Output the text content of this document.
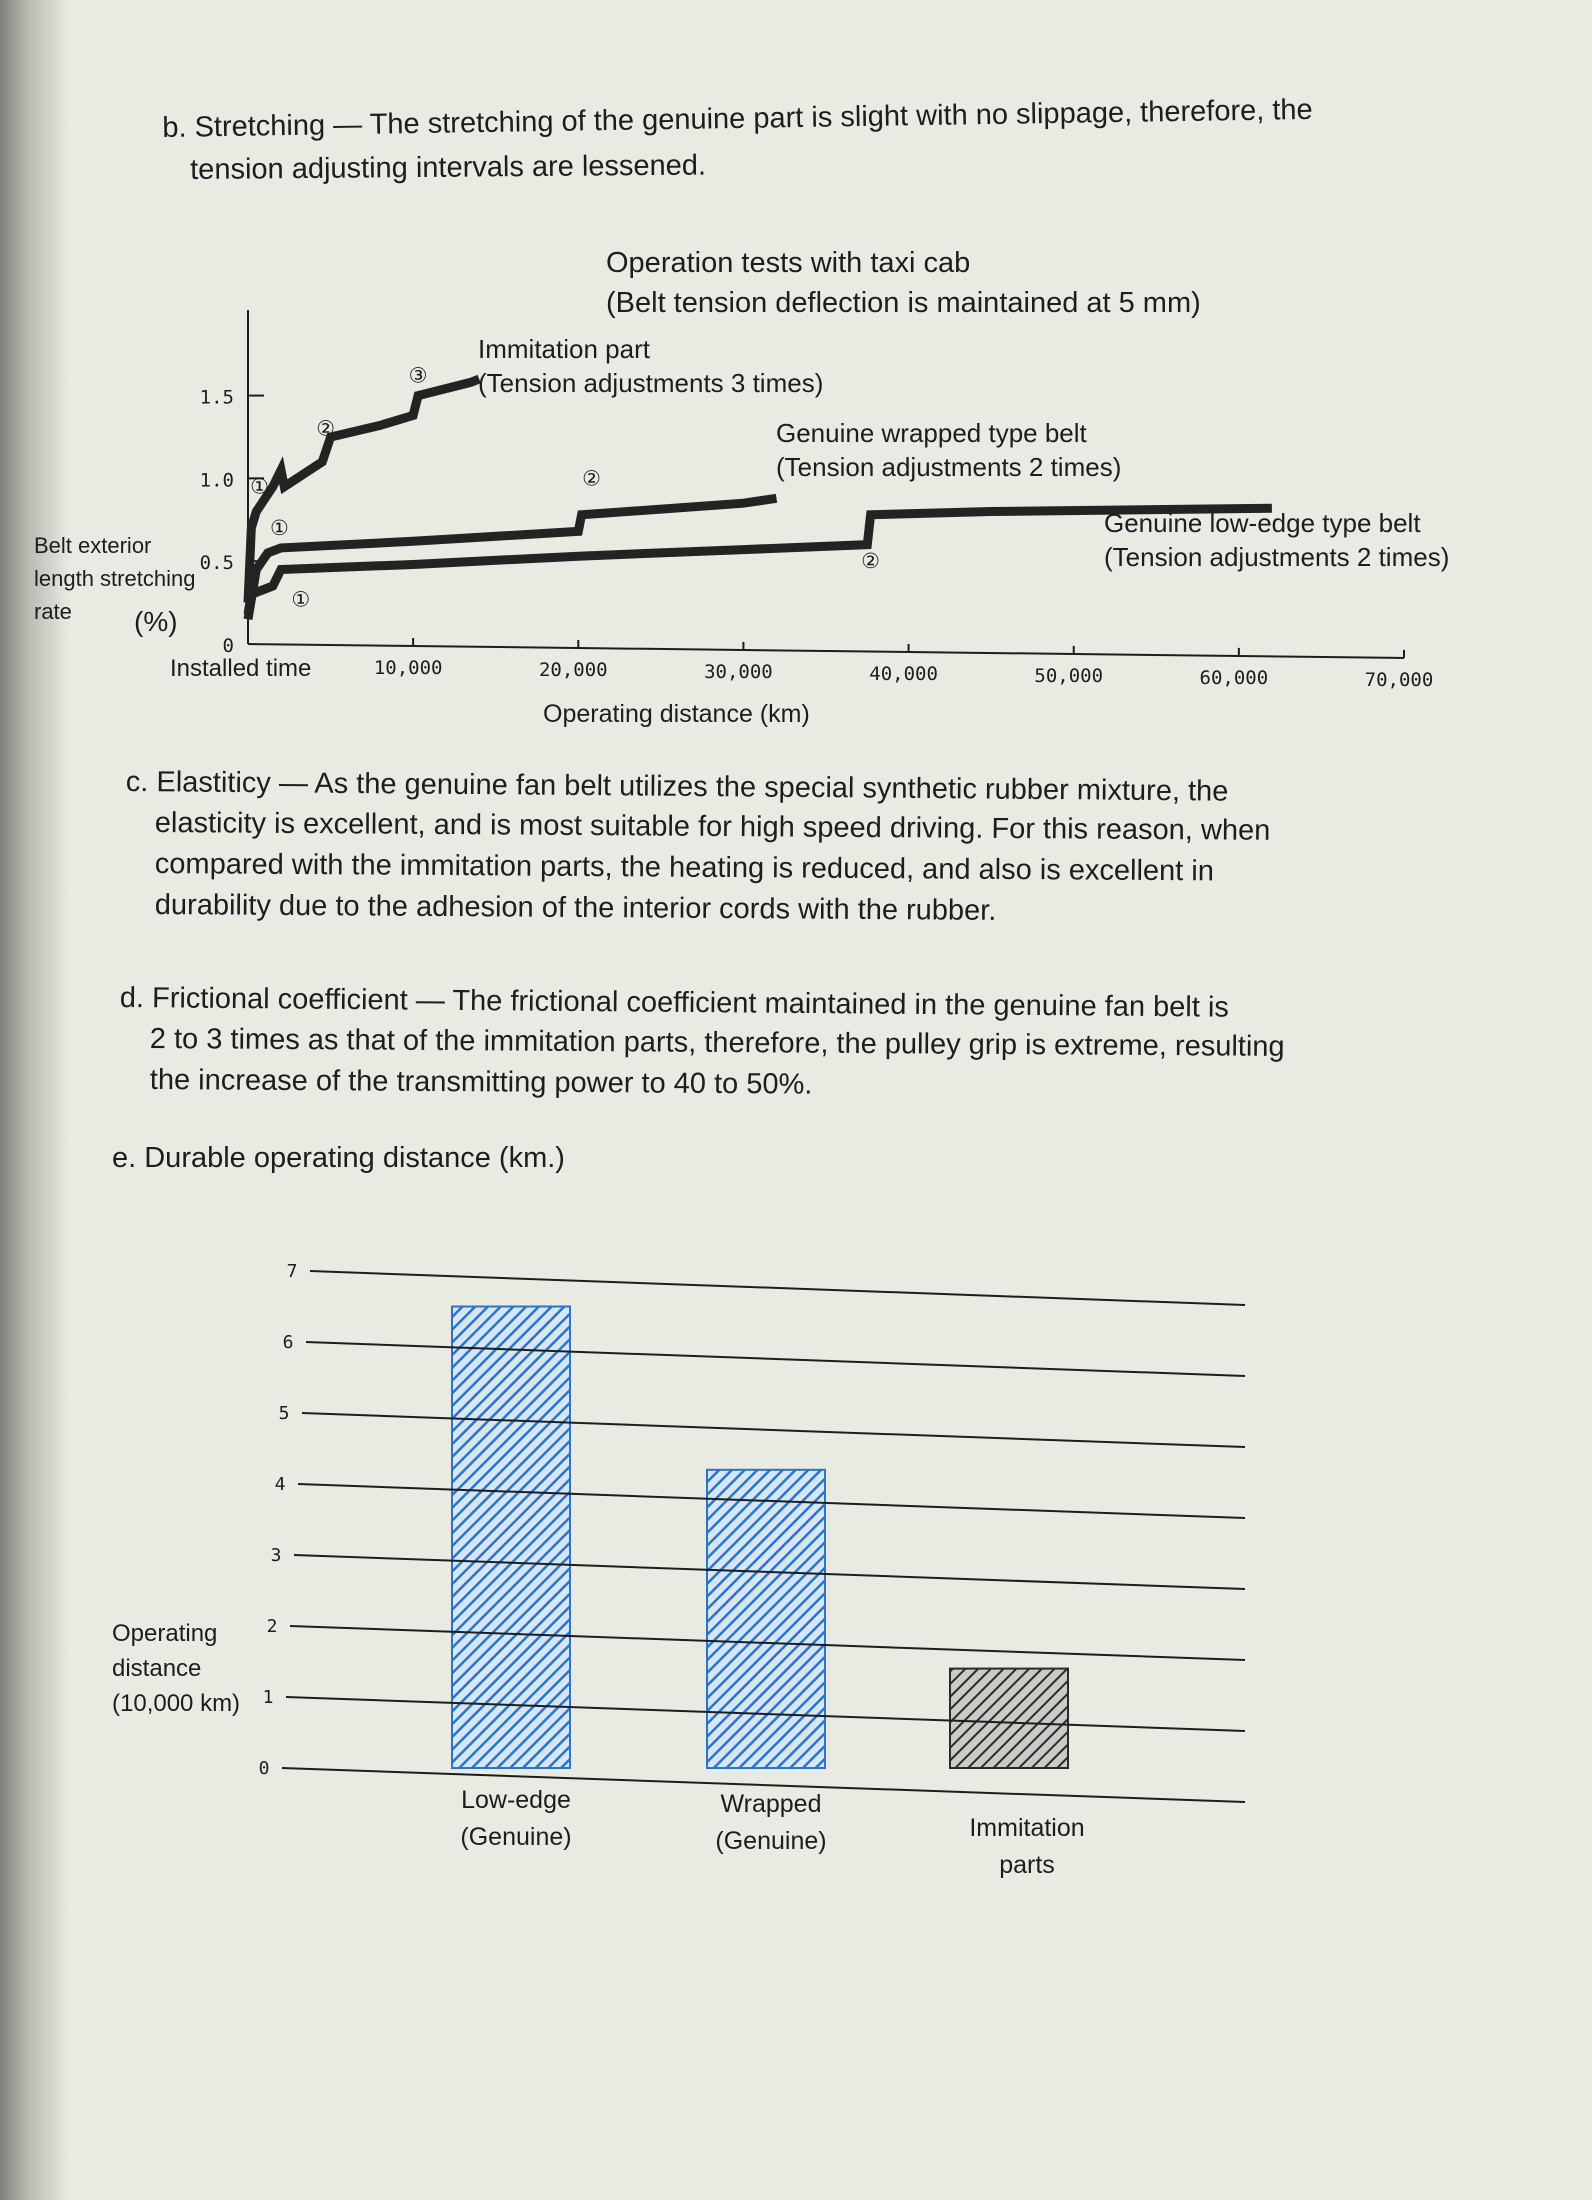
b. Stretching — The stretching of the genuine part is slight with no slippage, therefore, the
tension adjusting intervals are lessened.
Operation tests with taxi cab
(Belt tension deflection is maintained at 5 mm)
Belt exterior
length stretching
rate (%)
Installed time
Operating distance (km)
0
0.5
1.0
1.5
10,000	20,000	30,000	40,000	50,000	60,000	70,000
①
②
③
①
②
①
②
Immitation part
(Tension adjustments 3 times)
Genuine wrapped type belt
(Tension adjustments 2 times)
Genuine low-edge type belt
(Tension adjustments 2 times)
c. Elastiticy — As the genuine fan belt utilizes the special synthetic rubber mixture, the
elasticity is excellent, and is most suitable for high speed driving. For this reason, when
compared with the immitation parts, the heating is reduced, and also is excellent in
durability due to the adhesion of the interior cords with the rubber.
d. Frictional coefficient — The frictional coefficient maintained in the genuine fan belt is
2 to 3 times as that of the immitation parts, therefore, the pulley grip is extreme, resulting
the increase of the transmitting power to 40 to 50%.
e. Durable operating distance (km.)
Operating
distance
(10,000 km)
0
1
2
3
4
5
6
7
Low-edge
(Genuine)
Wrapped
(Genuine)	Immitation
parts
